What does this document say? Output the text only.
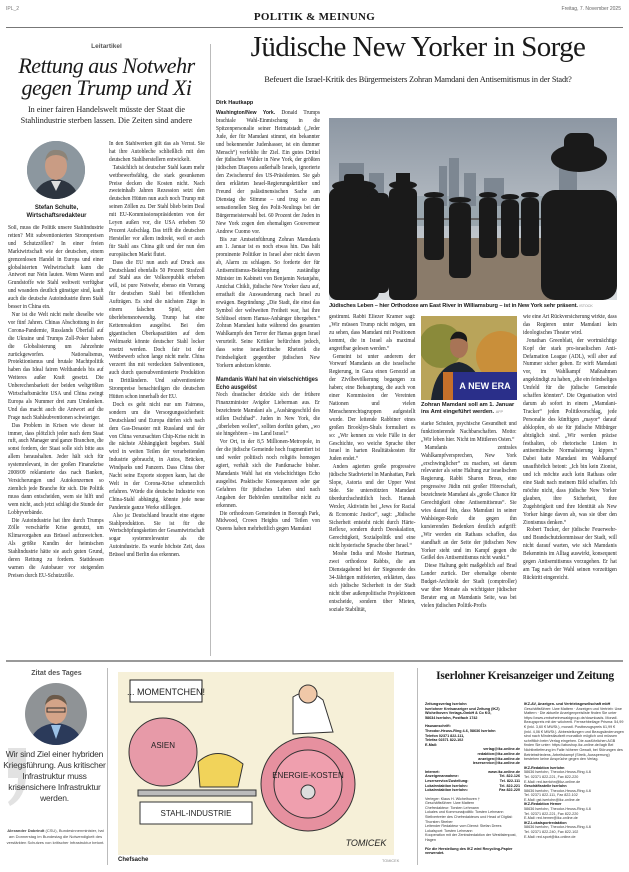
IPL_2
POLITIK & MEINUNG
Freitag, 7. November 2025
Leitartikel
Rettung aus Notwehr gegen Trump und Xi
In einer fairen Handelswelt müsste der Staat die Stahlindustrie sterben lassen. Die Zeiten sind andere
Stefan Schulte,
Wirtschaftsredakteur

Soll, muss die Politik unsere Stahlindustrie retten? Mit subventionierten Strompreisen und Schutzzöllen? In einer freien Marktwirtschaft wie der deutschen, einem grenzenlosen Handel in Europa und einer globalisierten Weltwirtschaft kann die Antwort nur Nein lauten. Wenn Waren und Grundstoffe wie Stahl weltweit verfügbar und woanders deutlich günstiger sind, kauft auch die deutsche Autoindustrie ihren Stahl besser in China ein.

Nur ist die Welt nicht mehr dieselbe wie vor fünf Jahren. Chinas Abschottung in der Corona-Pandemie, Russlands Überfall auf die Ukraine und Trumps Zoll-Poker haben die Globalisierung um Jahrzehnte zurückgeworfen. Nationalismus, Protektionismus und brutale Machtpolitik haben das Ideal fairen Welthandels bis auf Weiteres außer Kraft gesetzt. Die Unberechenbarkeit der beiden weltgrößten Wirtschaftsmächte USA und China zwingt Europa als Nummer drei zum Umdenken. Und das macht auch die Antwort auf die Frage nach Stahlsubventionen schwieriger.

Das Problem in Krisen wie dieser ist immer, dass plötzlich jeder nach dem Staat ruft, auch Manager und ganze Branchen, die sonst fordern, der Staat solle sich bitte aus allem heraushalten. Jeder hält sich für systemrelevant, in der großen Finanzkrise 2008/09 reklamierte das nach Banken, Versicherungen und Autokonzernen so ziemlich jede Branche für sich. Die Politik muss dann entscheiden, wem sie hilft und wem nicht, auch jetzt schlägt die Stunde der Lobbyverbände.

Die Autoindustrie hat ihre durch Trumps Zölle verschärfte Krise genutzt, um Klimavorgaben aus Brüssel aufzuweichen. Als größte Kundin der heimischen Stahlindustrie hätte sie auch guten Grund, deren Rettung zu fordern. Stattdessen warnen die Autobauer vor steigenden Preisen durch EU-Schutzzölle.

In den Stahlwerken gilt das als Verrat. Sie hat ihre Autobleche schließlich mit den deutschen Stahlherstellern entwickelt.

Tatsächlich ist deutscher Stahl kaum mehr wettbewerbsfähig, die stark gesunkenen Preise decken die Kosten nicht. Nach zweieinhalb Jahren Rezession setzt den deutschen Hütten nun auch noch Trump mit seinen Zöllen zu. Der Stahl blieb beim Deal mit EU-Kommissionspräsidenten von der Leyen außen vor, die USA erheben 50 Prozent Aufschlag. Das trifft die deutschen Hersteller vor allem indirekt, weil er auch für Stahl aus China gilt und der nun den europäischen Markt flutet.

Dass die EU nun auch auf Druck aus Deutschland ebenfalls 50 Prozent Strafzoll auf Stahl aus der Volksrepublik erheben will, ist pure Notwehr, ebenso ein Vorrang für deutschen Stahl bei öffentlichen Aufträgen. Es sind die nächsten Züge in einem falschen Spiel, aber überlebensnotwendig. Trump hat eine Kettenreaktion ausgelöst. Bei den gigantischen Überkapazitäten auf dem Weltmarkt könnte deutscher Stahl locker ersetzt werden. Doch fair ist der Wettbewerb schon lange nicht mehr. China verzerrt ihn mit verdeckten Subventionen, auch durch quersubventionierte Produktion in Drittländern. Und subventionierte Strompreise benachteiligen die deutschen Hütten schon innerhalb der EU.

Doch es geht nicht nur um Fairness, sondern um die Versorgungssicherheit: Deutschland und Europa dürfen sich nach dem Gas-Desaster mit Russland und der von China verursachten Chip-Krise nicht in die nächste Abhängigkeit begeben. Stahl wird in weiten Teilen der verarbeitenden Industrie gebraucht, in Autos, Brücken, Windparks und Panzern. Dass China über Nacht seine Exporte stoppen kann, hat die Welt in der Corona-Krise schmerzlich erfahren. Würde die deutsche Industrie von China-Stahl abhängig, könnte jede neue Pandemie ganze Werke stilllegen.

Also ja: Deutschland braucht eine eigene Stahlproduktion. Sie ist für die Wertschöpfungsketten der Gesamtwirtschaft sogar systemrelevanter als die Autoindustrie. Es wurde höchste Zeit, dass Brüssel und Berlin das erkennen.

Jüdische New Yorker in Sorge
Befeuert die Israel-Kritik des Bürgermeisters Zohran Mamdani den Antisemitismus in der Stadt?
Dirk Hautkapp

Washington/New York. Donald Trumps brachiale Wahl-Einmischung in die Spitzenpersonalie seiner Heimatstadt („Jeder Jude, der für Mamdani stimmt, ein bekannter und bekennender Judenhasser, ist ein dummer Mensch“) verfehlte ihr Ziel. Ein gutes Drittel der jüdischen Wähler in New York, der größten jüdischen Diaspora außerhalb Israels, ignorierte den Zwischenruf des US-Präsidenten. Sie gab dem erklärten Israel-Regierungskritiker und Freund der palästinensischen Sache am Dienstag die Stimme – und trug so zum sensationellen Sieg des Polit-Neulings bei der Bürgermeisterwahl bei. 60 Prozent der Juden in New York zogen den ehemaligen Gouverneur Andrew Cuomo vor.

Bis zur Amtseinführung Zohran Mamdanis am 1. Januar ist es noch etwas hin. Das hält prominente Politiker in Israel aber nicht davon ab, Alarm zu schlagen. So forderte der für Antisemitismus-Bekämpfung zuständige Minister im Kabinett von Benjamin Netanjahu, Amichai Chikli, jüdische New Yorker dazu auf, ernsthaft die Auswanderung nach Israel zu erwägen. Begründung: „Die Stadt, die einst das Symbol der weltweiten Freiheit war, hat ihre Schlüssel einem Hamas-Anhänger übergeben.“ Zohran Mamdani hatte während des gesamten Wahlkampfs den Terror der Hamas gegen Israel verurteilt. Seine Kritiker befürchten jedoch, dass seine israelkritische Rhetorik die Feindseligkeit gegenüber jüdischen New Yorkern anheizen könnte.

Mamdanis Wahl hat ein vielschichtiges Echo ausgelöst

Noch drastischer drückte sich der frühere Finanzminister Avigdor Lieberman aus. Er bezeichnete Mamdani als „Aushängeschild des stillen Dschihad“. Juden in New York, die „überleben wollen“, sollten dorthin gehen, „wo sie hingehören – ins Land Israel.“

Vor Ort, in der 8,5 Millionen-Metropole, in der die jüdische Gemeinde hoch fragmentiert ist und weder politisch noch religiös homogen agiert, verhält sich die Panikmache bisher. Mamdanis Wahl hat ein vielschichtiges Echo ausgelöst. Praktische Konsequenzen oder gar Gefahren für jüdisches Leben sind nach Angaben der Behörden unmittelbar nicht zu erkennen.

Die orthodoxen Gemeinden in Borough Park, Midwood, Crown Heights und Teilen von Queens haben mehrheitlich gegen Mamdani

Jüdisches Leben – hier Orthodoxe am East River in Williamsburg – ist in New York sehr präsent. ISTOCK

gestimmt. Rabbi Eliezer Kramer sagt: „Wir müssen Trump nicht mögen, um zu sehen, dass Mamdani mit Positionen kommt, die in Israel als maximal angreifbar gelesen werden.“

Gemeint ist unter anderem der Vorwurf Mamdanis an die israelische Regierung, in Gaza einen Genozid an der Zivilbevölkerung begangen zu haben; eine Behauptung, die auch von einer Kommission der Vereinten Nationen und vielen Menschenrechtsgruppen aufgestellt wurde. Der leitende Rabbiner eines großen Brooklyn-Shuls formuliert es so: „Wir kennen zu viele Fälle in der Geschichte, wo weiche Sprache über Israel in harten Realitätskosten für Juden endet.“

Anders agierten große progressive jüdische Stadtviertel in Manhattan, Park Slope, Astoria und der Upper West Side. Sie unterstützten Mamdani überdurchschnittlich hoch. Hannah Wexler, Aktivistin bei „Jews for Racial & Economic Justice“, sagt: „Jüdische Sicherheit entsteht nicht durch Härte-Reflexe, sondern durch Deeskalation, Gerechtigkeit, Sozialpolitik und eine nicht hysterische Sprache über Israel.“

Moshe India und Moshe Hartman, zwei orthodoxe Rabbis, die am Dienstagabend bei der Siegesrede des 34-Jährigen mitfeierten, erklärten, dass sich jüdische Sicherheit in der Stadt nicht über außenpolitische Projektionen entscheide, sondern über Mieten, soziale Stabilität,

A NEW ERA
Zohran Mamdani soll am 1. Januar ins Amt eingeführt werden. AFP

starke Schulen, psychische Gesundheit und funktionierende Nachbarschaften. Motto: „Wir leben hier. Nicht im Mittleren Osten.“

Mamdanis zentrales Wahlkampfversprechen, New York „erschwinglicher“ zu machen, sei darum relevanter als seine Haltung zur israelischen Regierung. Rabbi Sharon Brous, eine progressive Jüdin mit großer Hörerschaft, bezeichnete Mamdani als „große Chance für Gerechtigkeit ohne Antisemitismus“. Sie wies darauf hin, dass Mamdani in seiner Wahlsieger-Rede die gegen ihn kursierenden Bedenken deutlich aufgriff: „Wir werden ein Rathaus schaffen, das standhaft an der Seite der jüdischen New Yorker steht und im Kampf gegen die Geißel des Antisemitismus nicht wankt.“

Diese Haltung geht maßgeblich auf Brad Lander zurück. Der ehemalige oberste Budget-Architekt der Stadt (comptroller) war über Monate als wichtigster jüdischer Berater eng an Mamdanis Seite, was bei vielen jüdischen Politik-Profis

wie eine Art Rückversicherung wirkte, dass das Regieren unter Mamdani kein ideologisches Theater wird.

Jonathan Greenblatt, der wortmächtige Kopf der stark pro-israelischen Anti-Defamation League (ADL), will aber auf Nummer sicher gehen. Er wirft Mamdani vor, im Wahlkampf Maßnahmen angekündigt zu haben, „die ein feindseliges Umfeld für die jüdische Gemeinde schaffen könnten“. Die Organisation wird darum ab sofort in einem „Mamdani-Tracker“ jeden Politikvorschlag, jede Personalie des künftigen „mayor“ darauf abklopfen, ob sie für jüdische Mitbürger abträglich sind. „Wir werden präzise festhalten, ob rhetorische Linien in antisemitische Normalisierung kippen.“ Dabei hatte Mamdani im Wahlkampf unaufhörlich betont: „Ich bin kein Zionist, und ich möchte auch kein Rathaus oder eine Stadt nach meinem Bild schaffen. Ich möchte nicht, dass jüdische New Yorker glauben, ihre Sicherheit, ihre Zugehörigkeit und ihre Identität als New Yorker hänge davon ab, was sie über den Zionismus denken.“

Robert Tucker, der jüdische Feuerwehr- und Brandschutzkommissar der Stadt, will nicht darauf warten, wie sich Mamdanis Bekenntnis im Alltag auswirkt, konsequent gegen Antisemitismus vorzugehen. Er hat am Tag nach der Wahl seinen vorzeitigen Rücktritt eingereicht.

Zitat des Tages
Wir sind Ziel einer hybriden Kriegsführung. Aus kritischer Infrastruktur muss krisensichere Infrastruktur werden.
Alexander Dobrindt (CSU), Bundesinnenminister, hat am Donnerstag im Bundestag die Notwendigkeit des verstärkten Schutzes von kritischer Infrastruktur betont.
... MOMENTCHEN!
ASIEN
ENERGIE-KOSTEN
STAHL-INDUSTRIE
TOMICEK
Chefsache	TOMICEK
Iserlohner Kreisanzeiger und Zeitung
Zeitungsverlag Iserlohn
Iserlohner Kreisanzeiger und Zeitung (IKZ)
Wichelhoven Verlags-GmbH & Co KG,
58634 Iserlohn, Postfach 1742
Hausanschrift:
Theodor-Heuss-Ring 4-6, 58636 Iserlohn
Telefon 02371 822-111,
Telefax 02371 822-102
E-Mail:
verlag@ikz-online.de
redaktion@ikz-online.de
anzeigen@ikz-online.de
leserservice@ikz-online.de
Internet:	www.ikz-online.de
Anzeigenannahme:	Tel. 822-126
Leserservice/Zustellung:	Tel. 822-111
Lokalredaktion Iserlohn:	Tel. 822-221
Lokalredaktion Iserlohn:	Fax 822-220
Verleger: Klaus H. Wichelhoven †
Geschäftsführer: Uwe Mattern
Chefredakteur: Torsten Lehmann
Lokales und Kommunalpolitik: Torsten Lehmann
Stellvertreter des Chefredakteurs und Head of Digital: Thorsten Streber
Leitender Redakteur vom Dienst: Stefan Drees
Lokalsport: Torsten Lehmann
Kooperation mit der Zentralredaktion der Westfalenpost, Hagen
Für die Herstellung des IKZ wird Recycling-Papier verwendet.
IKZ-AV, Anzeigen- und Vertriebsgesellschaft mbH
Geschäftsführer: Uwe Mattern · Anzeigen und Vertrieb: Uwe Mattern · Die aktuelle Anzeigenpreisliste finden Sie unter https://www.zmbwheinewaldgroup.de/downloads. Monatl. Bezugspreis mit der wöchentl. Fernsehbeilage Prisma: 54,99 € (inkl. 3,60 € MWSt.), monatl. Postbezugspreis 61,99 € (inkl. 4,06 € MWSt.). Abbestellungen und Bezugsänderungen sind nach Mindestlaufzeit monatlich möglich und müssen schriftlich beim Verlag eingehen. Die ausführlichen AGB finden Sie unter: https://aboshop.ikz-online.de//agb Bei Nichtbelieferung im Falle höherer Gewalt, bei Störungen des Betriebsfriedens, Arbeitskampf (Streik, Aussperrung) bestehen keine Ansprüche gegen den Verlag.
IKZ-Redaktion Iserlohn
58636 Iserlohn, Theodor-Heuss-Ring 4-6
Tel. 02371 822-221, Fax 822-220
E-Mail: red.iserlohn@ikz-online.de
Geschäftsstelle Iserlohn
58636 Iserlohn, Theodor-Heuss-Ring 4-6
Tel. 02371 822-111, Fax 822-102
E-Mail: gst.iserlohn@ikz-online.de
IKZ-Redaktion Hemer
58636 Iserlohn, Theodor-Heuss-Ring 4-6
Tel. 02371 822-221, Fax 822-220
E-Mail: red.hemer@ikz-online.de
IKZ-Lokalsportredaktion
58636 Iserlohn, Theodor-Heuss-Ring 4-6
Tel. 02371 822-240, Fax 822-102
E-Mail: red.sport@ikz-online.de
